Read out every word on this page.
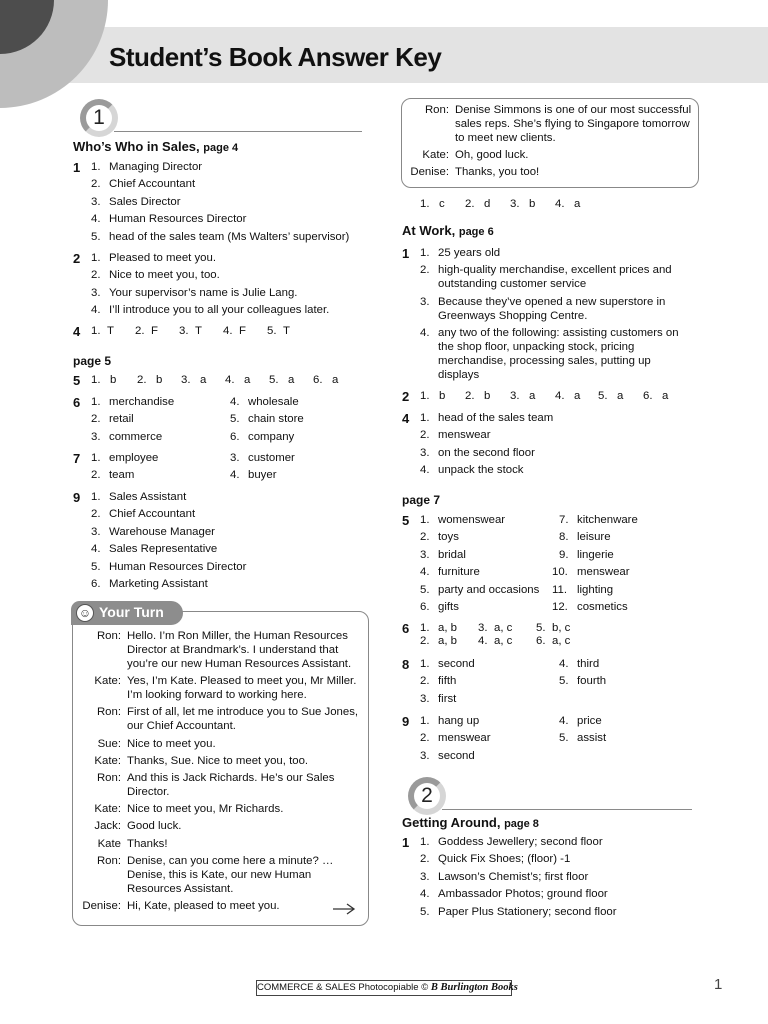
Student’s Book Answer Key
1
Who’s Who in Sales, page 4
1 1. Managing Director
2. Chief Accountant
3. Sales Director
4. Human Resources Director
5. head of the sales team (Ms Walters’ supervisor)
2 1. Pleased to meet you.
2. Nice to meet you, too.
3. Your supervisor’s name is Julie Lang.
4. I’ll introduce you to all your colleagues later.
4 1. T 2. F 3. T 4. F 5. T
page 5
5 1. b 2. b 3. a 4. a 5. a 6. a
6 1. merchandise	4. wholesale
2. retail	5. chain store
3. commerce	6. company
7 1. employee	3. customer
2. team	4. buyer
9 1. Sales Assistant
2. Chief Accountant
3. Warehouse Manager
4. Sales Representative
5. Human Resources Director
6. Marketing Assistant
☺ Your Turn
Ron: Hello. I’m Ron Miller, the Human Resources Director at Brandmark’s. I understand that you’re our new Human Resources Assistant.
Kate: Yes, I’m Kate. Pleased to meet you, Mr Miller. I’m looking forward to working here.
Ron: First of all, let me introduce you to Sue Jones, our Chief Accountant.
Sue: Nice to meet you.
Kate: Thanks, Sue. Nice to meet you, too.
Ron: And this is Jack Richards. He’s our Sales Director.
Kate: Nice to meet you, Mr Richards.
Jack: Good luck.
Kate Thanks!
Ron: Denise, can you come here a minute? … Denise, this is Kate, our new Human Resources Assistant.
Denise: Hi, Kate, pleased to meet you.
Ron: Denise Simmons is one of our most successful sales reps. She’s flying to Singapore tomorrow to meet new clients.
Kate: Oh, good luck.
Denise: Thanks, you too!
1. c 2. d 3. b 4. a
At Work, page 6
1 1. 25 years old
2. high-quality merchandise, excellent prices and outstanding customer service
3. Because they’ve opened a new superstore in Greenways Shopping Centre.
4. any two of the following: assisting customers on the shop floor, unpacking stock, pricing merchandise, processing sales, putting up displays
2 1. b 2. b 3. a 4. a 5. a 6. a
4 1. head of the sales team
2. menswear
3. on the second floor
4. unpack the stock
page 7
5 1. womenswear	7. kitchenware
2. toys	8. leisure
3. bridal	9. lingerie
4. furniture	10. menswear
5. party and occasions 11. lighting
6. gifts	12. cosmetics
6 1. a, b 3. a, c 5. b, c
2. a, b 4. a, c 6. a, c
8 1. second	4. third
2. fifth	5. fourth
3. first
9 1. hang up	4. price
2. menswear	5. assist
3. second
2
Getting Around, page 8
1 1. Goddess Jewellery; second floor
2. Quick Fix Shoes; (floor) -1
3. Lawson’s Chemist’s; first floor
4. Ambassador Photos; ground floor
5. Paper Plus Stationery; second floor
COMMERCE & SALES Photocopiable © B Burlington Books	1
